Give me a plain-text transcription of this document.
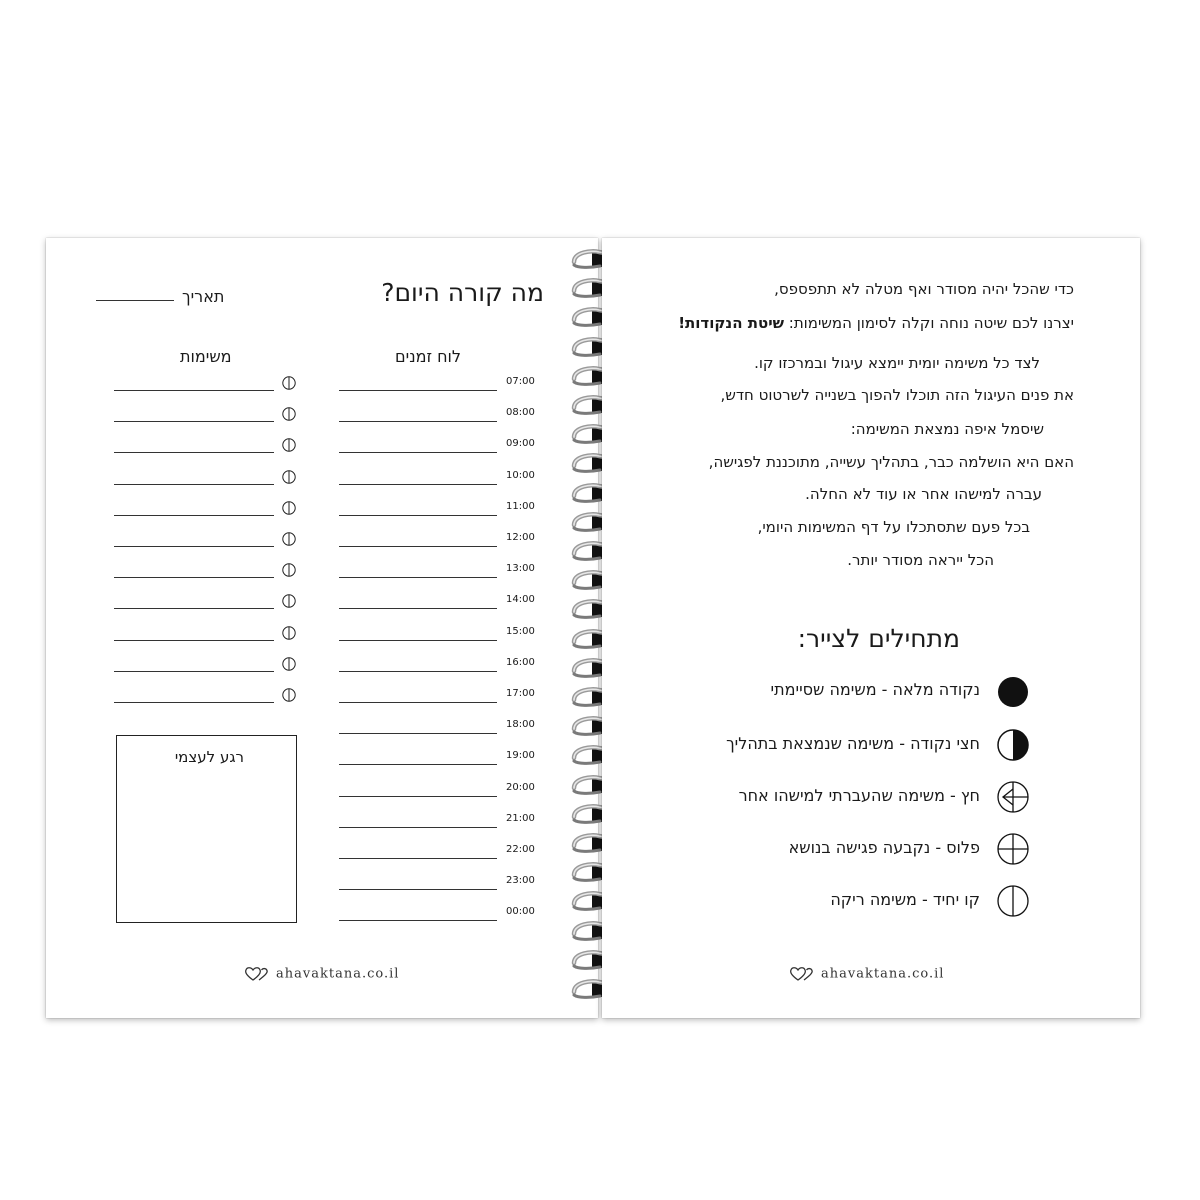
מה קורה היום?
תאריך
משימות	לוח זמנים
07:00
08:00
09:00
10:00
11:00
12:00
13:00
14:00
15:00
16:00
17:00
18:00
19:00
20:00
21:00
22:00
23:00
00:00
רגע לעצמי
ahavaktana.co.il
כדי שהכל יהיה מסודר ואף מטלה לא תתפספס,
יצרנו לכם שיטה נוחה וקלה לסימון המשימות: שיטת הנקודות!
לצד כל משימה יומית יימצא עיגול ובמרכזו קו.
את פנים העיגול הזה תוכלו להפוך בשנייה לשרטוט חדש,
שיסמל איפה נמצאת המשימה:
האם היא הושלמה כבר, בתהליך עשייה, מתוכננת לפגישה,
עברה למישהו אחר או עוד לא החלה.
בכל פעם שתסתכלו על דף המשימות היומי,
הכל ייראה מסודר יותר.
מתחילים לצייר:
נקודה מלאה - משימה שסיימתי
חצי נקודה - משימה שנמצאת בתהליך
חץ - משימה שהעברתי למישהו אחר
פלוס - נקבעה פגישה בנושא
קו יחיד - משימה ריקה
ahavaktana.co.il
